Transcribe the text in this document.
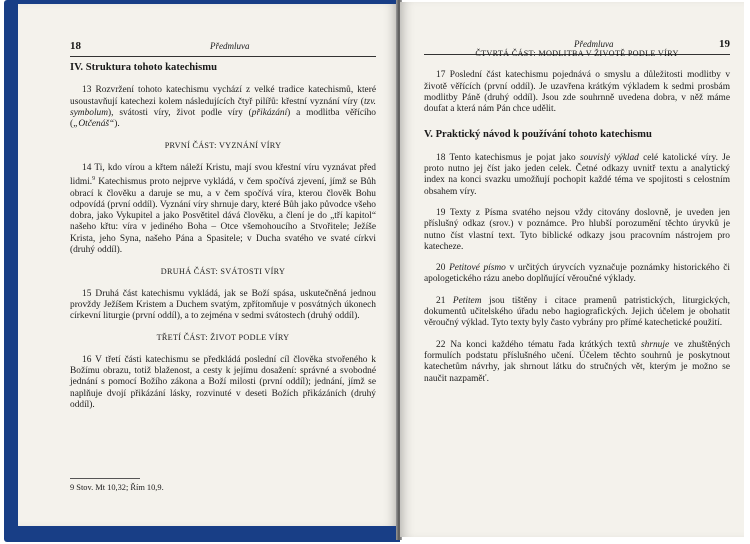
18	Předmluva
IV. Struktura tohoto katechismu

13 Rozvržení tohoto katechismu vychází z velké tradice katechismů, které usoustavňují katechezi kolem následujících čtyř pilířů: křestní vyznání víry (tzv. symbolum), svátosti víry, život podle víry (přikázání) a modlitba věřícího („Otčenáš“).

PRVNÍ ČÁST: VYZNÁNÍ VÍRY

14 Ti, kdo vírou a křtem náleží Kristu, mají svou křestní víru vyznávat před lidmi.$^9$ Katechismus proto nejprve vykládá, v čem spočívá zjevení, jímž se Bůh obrací k člověku a daruje se mu, a v čem spočívá víra, kterou člověk Bohu odpovídá (první oddíl). Vyznání víry shrnuje dary, které Bůh jako původce všeho dobra, jako Vykupitel a jako Posvětitel dává člověku, a člení je do „tří kapitol“ našeho křtu: víra v jediného Boha – Otce všemohoucího a Stvořitele; Ježíše Krista, jeho Syna, našeho Pána a Spasitele; v Ducha svatého ve svaté církvi (druhý oddíl).

DRUHÁ ČÁST: SVÁTOSTI VÍRY

15 Druhá část katechismu vykládá, jak se Boží spása, uskutečněná jednou provždy Ježíšem Kristem a Duchem svatým, zpřítomňuje v posvátných úkonech církevní liturgie (první oddíl), a to zejména v sedmi svátostech (druhý oddíl).

TŘETÍ ČÁST: ŽIVOT PODLE VÍRY

16 V třetí části katechismu se předkládá poslední cíl člověka stvořeného k Božímu obrazu, totiž blaženost, a cesty k jejímu dosažení: správné a svobodné jednání s pomocí Božího zákona a Boží milosti (první oddíl); jednání, jímž se naplňuje dvojí přikázání lásky, rozvinuté v deseti Božích přikázáních (druhý oddíl).

9 Stov. Mt 10,32; Řím 10,9.
Předmluva	19
ČTVRTÁ ČÁST: MODLITBA V ŽIVOTĚ PODLE VÍRY

17 Poslední část katechismu pojednává o smyslu a důležitosti modlitby v životě věřících (první oddíl). Je uzavřena krátkým výkladem k sedmi prosbám modlitby Páně (druhý oddíl). Jsou zde souhrnně uvedena dobra, v něž máme doufat a která nám Pán chce udělit.

V. Praktický návod k používání tohoto katechismu

18 Tento katechismus je pojat jako souvislý výklad celé katolické víry. Je proto nutno jej číst jako jeden celek. Četné odkazy uvnitř textu a analytický index na konci svazku umožňují pochopit každé téma ve spojitosti s celostním obsahem víry.

19 Texty z Písma svatého nejsou vždy citovány doslovně, je uveden jen příslušný odkaz (srov.) v poznámce. Pro hlubší porozumění těchto úryvků je nutno číst vlastní text. Tyto biblické odkazy jsou pracovním nástrojem pro katecheze.

20 Petitové písmo v určitých úryvcích vyznačuje poznámky historického či apologetického rázu anebo doplňující věroučné výklady.

21 Petitem jsou tištěny i citace pramenů patristických, liturgických, dokumentů učitelského úřadu nebo hagiografických. Jejich účelem je obohatit věroučný výklad. Tyto texty byly často vybrány pro přímé katechetické použití.

22 Na konci každého tématu řada krátkých textů shrnuje ve zhuštěných formulích podstatu příslušného učení. Účelem těchto souhrnů je poskytnout katechetům návrhy, jak shrnout látku do stručných vět, kterým je možno se naučit nazpaměť.
